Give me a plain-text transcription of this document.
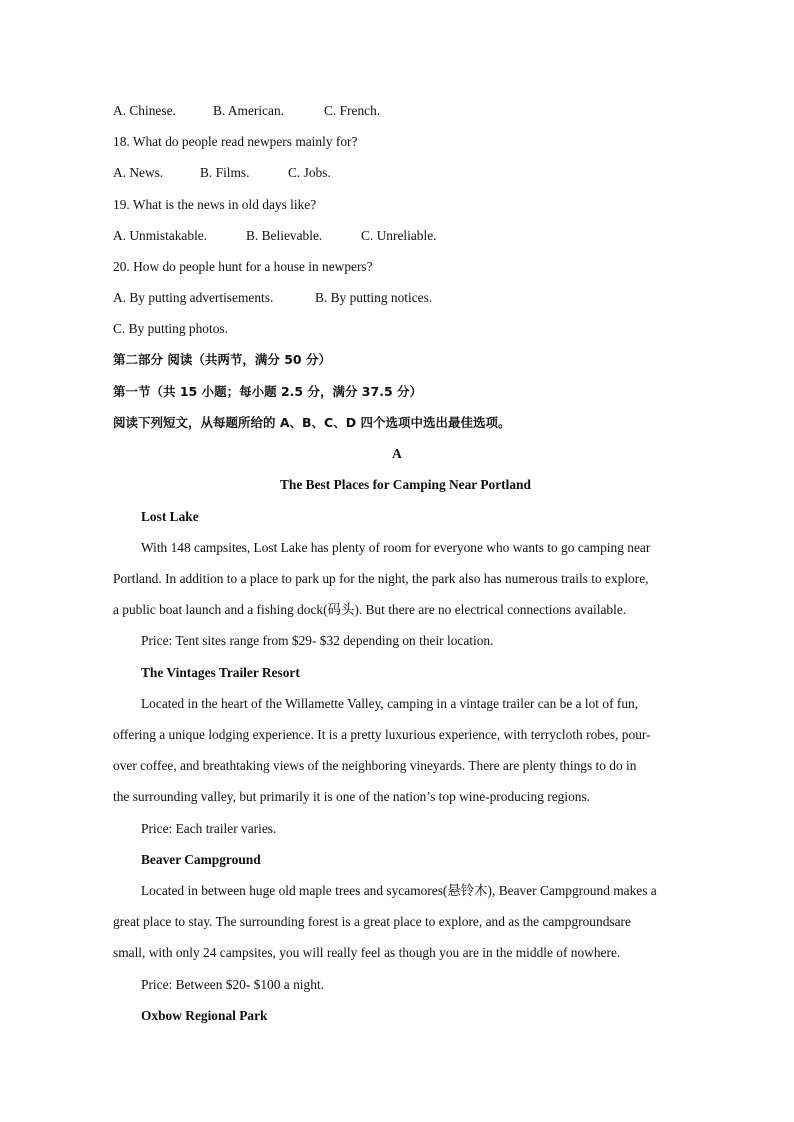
A. Chinese.	B. American.	C. French.
18. What do people read newpers mainly for?
A. News.	B. Films.	C. Jobs.
19. What is the news in old days like?
A. Unmistakable.	B. Believable.	C. Unreliable.
20. How do people hunt for a house in newpers?
A. By putting advertisements.	B. By putting notices.
C. By putting photos.
第二部分 阅读（共两节，满分 50 分）
第一节（共 15 小题；每小题 2.5 分，满分 37.5 分）
阅读下列短文，从每题所给的 A、B、C、D 四个选项中选出最佳选项。
A
The Best Places for Camping Near Portland
Lost Lake
With 148 campsites, Lost Lake has plenty of room for everyone who wants to go camping near
Portland. In addition to a place to park up for the night, the park also has numerous trails to explore,
a public boat launch and a fishing dock(码头). But there are no electrical connections available.
Price: Tent sites range from $29- $32 depending on their location.
The Vintages Trailer Resort
Located in the heart of the Willamette Valley, camping in a vintage trailer can be a lot of fun,
offering a unique lodging experience. It is a pretty luxurious experience, with terrycloth robes, pour-
over coffee, and breathtaking views of the neighboring vineyards. There are plenty things to do in
the surrounding valley, but primarily it is one of the nation’s top wine-producing regions.
Price: Each trailer varies.
Beaver Campground
Located in between huge old maple trees and sycamores(悬铃木), Beaver Campground makes a
great place to stay. The surrounding forest is a great place to explore, and as the campgroundsare
small, with only 24 campsites, you will really feel as though you are in the middle of nowhere.
Price: Between $20- $100 a night.
Oxbow Regional Park
